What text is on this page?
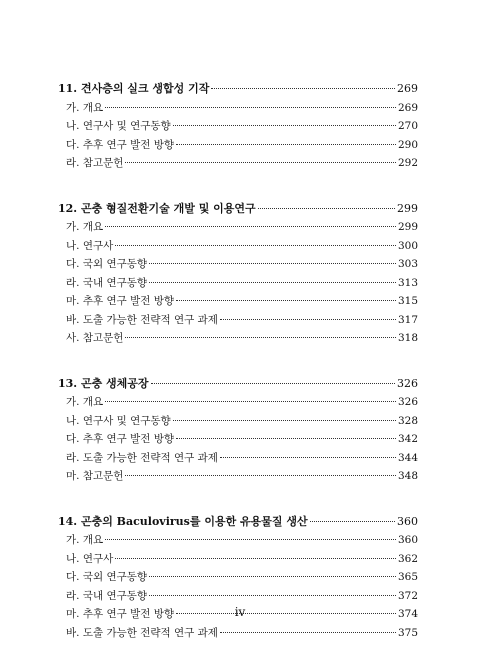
11. 견사층의 실크 생합성 기작	269
가. 개요	269
나. 연구사 및 연구동향	270
다. 추후 연구 발전 방향	290
라. 참고문헌	292
12. 곤충 형질전환기술 개발 및 이용연구	299
가. 개요	299
나. 연구사	300
다. 국외 연구동향	303
라. 국내 연구동향	313
마. 추후 연구 발전 방향	315
바. 도출 가능한 전략적 연구 과제	317
사. 참고문헌	318
13. 곤충 생체공장	326
가. 개요	326
나. 연구사 및 연구동향	328
다. 추후 연구 발전 방향	342
라. 도출 가능한 전략적 연구 과제	344
마. 참고문헌	348
14. 곤충의 Baculovirus를 이용한 유용물질 생산	360
가. 개요	360
나. 연구사	362
다. 국외 연구동향	365
라. 국내 연구동향	372
마. 추후 연구 발전 방향	374
바. 도출 가능한 전략적 연구 과제	375
iv
